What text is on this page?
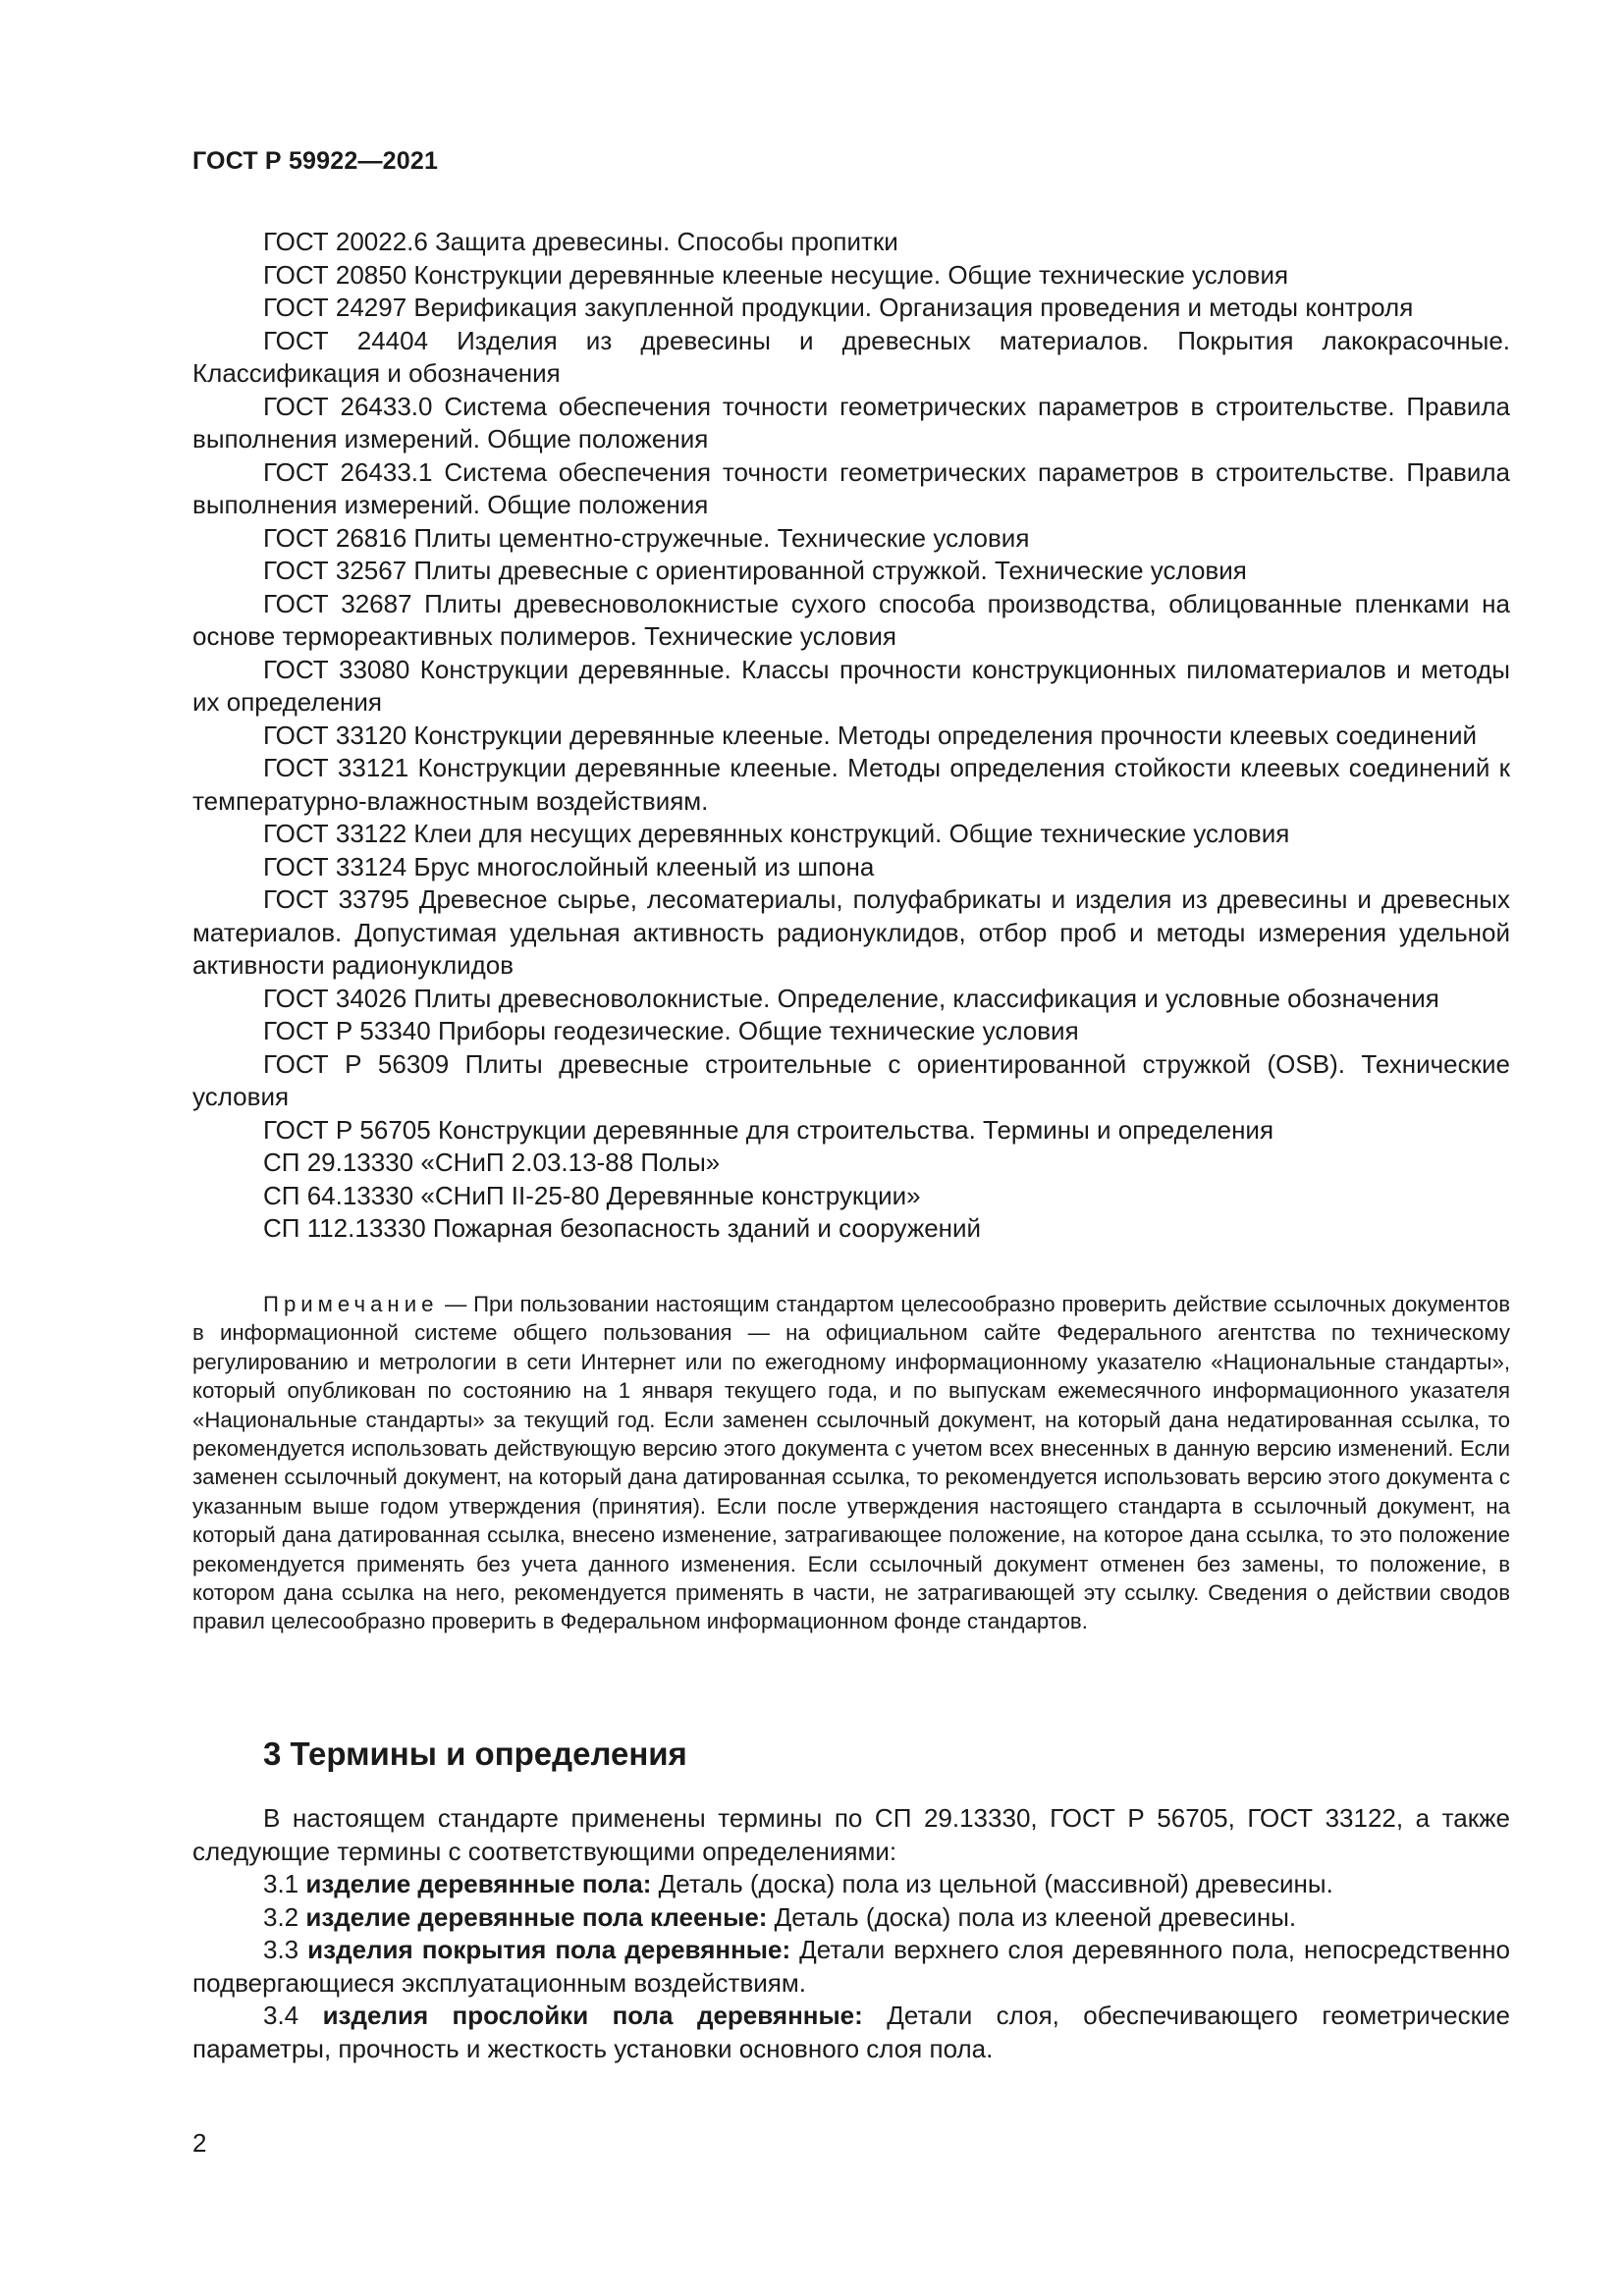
ГОСТ Р 59922—2021

ГОСТ 20022.6 Защита древесины. Способы пропитки

ГОСТ 20850 Конструкции деревянные клееные несущие. Общие технические условия

ГОСТ 24297 Верификация закупленной продукции. Организация проведения и методы контроля

ГОСТ 24404 Изделия из древесины и древесных материалов. Покрытия лакокрасочные. Классификация и обозначения

ГОСТ 26433.0 Система обеспечения точности геометрических параметров в строительстве. Правила выполнения измерений. Общие положения

ГОСТ 26433.1 Система обеспечения точности геометрических параметров в строительстве. Правила выполнения измерений. Общие положения

ГОСТ 26816 Плиты цементно-стружечные. Технические условия

ГОСТ 32567 Плиты древесные с ориентированной стружкой. Технические условия

ГОСТ 32687 Плиты древесноволокнистые сухого способа производства, облицованные пленками на основе термореактивных полимеров. Технические условия

ГОСТ 33080 Конструкции деревянные. Классы прочности конструкционных пиломатериалов и методы их определения

ГОСТ 33120 Конструкции деревянные клееные. Методы определения прочности клеевых соединений

ГОСТ 33121 Конструкции деревянные клееные. Методы определения стойкости клеевых соединений к температурно-влажностным воздействиям.

ГОСТ 33122 Клеи для несущих деревянных конструкций. Общие технические условия

ГОСТ 33124 Брус многослойный клееный из шпона

ГОСТ 33795 Древесное сырье, лесоматериалы, полуфабрикаты и изделия из древесины и древесных материалов. Допустимая удельная активность радионуклидов, отбор проб и методы измерения удельной активности радионуклидов

ГОСТ 34026 Плиты древесноволокнистые. Определение, классификация и условные обозначения

ГОСТ Р 53340 Приборы геодезические. Общие технические условия

ГОСТ Р 56309 Плиты древесные строительные с ориентированной стружкой (OSB). Технические условия

ГОСТ Р 56705 Конструкции деревянные для строительства. Термины и определения

СП 29.13330 «СНиП 2.03.13-88 Полы»

СП 64.13330 «СНиП II-25-80 Деревянные конструкции»

СП 112.13330 Пожарная безопасность зданий и сооружений

Примечание — При пользовании настоящим стандартом целесообразно проверить действие ссылочных документов в информационной системе общего пользования — на официальном сайте Федерального агентства по техническому регулированию и метрологии в сети Интернет или по ежегодному информационному указателю «Национальные стандарты», который опубликован по состоянию на 1 января текущего года, и по выпускам ежемесячного информационного указателя «Национальные стандарты» за текущий год. Если заменен ссылочный документ, на который дана недатированная ссылка, то рекомендуется использовать действующую версию этого документа с учетом всех внесенных в данную версию изменений. Если заменен ссылочный документ, на который дана датированная ссылка, то рекомендуется использовать версию этого документа с указанным выше годом утверждения (принятия). Если после утверждения настоящего стандарта в ссылочный документ, на который дана датированная ссылка, внесено изменение, затрагивающее положение, на которое дана ссылка, то это положение рекомендуется применять без учета данного изменения. Если ссылочный документ отменен без замены, то положение, в котором дана ссылка на него, рекомендуется применять в части, не затрагивающей эту ссылку. Сведения о действии сводов правил целесообразно проверить в Федеральном информационном фонде стандартов.

3 Термины и определения

В настоящем стандарте применены термины по СП 29.13330, ГОСТ Р 56705, ГОСТ 33122, а также следующие термины с соответствующими определениями:

3.1 изделие деревянные пола: Деталь (доска) пола из цельной (массивной) древесины.

3.2 изделие деревянные пола клееные: Деталь (доска) пола из клееной древесины.

3.3 изделия покрытия пола деревянные: Детали верхнего слоя деревянного пола, непосредственно подвергающиеся эксплуатационным воздействиям.

3.4 изделия прослойки пола деревянные: Детали слоя, обеспечивающего геометрические параметры, прочность и жесткость установки основного слоя пола.

2
